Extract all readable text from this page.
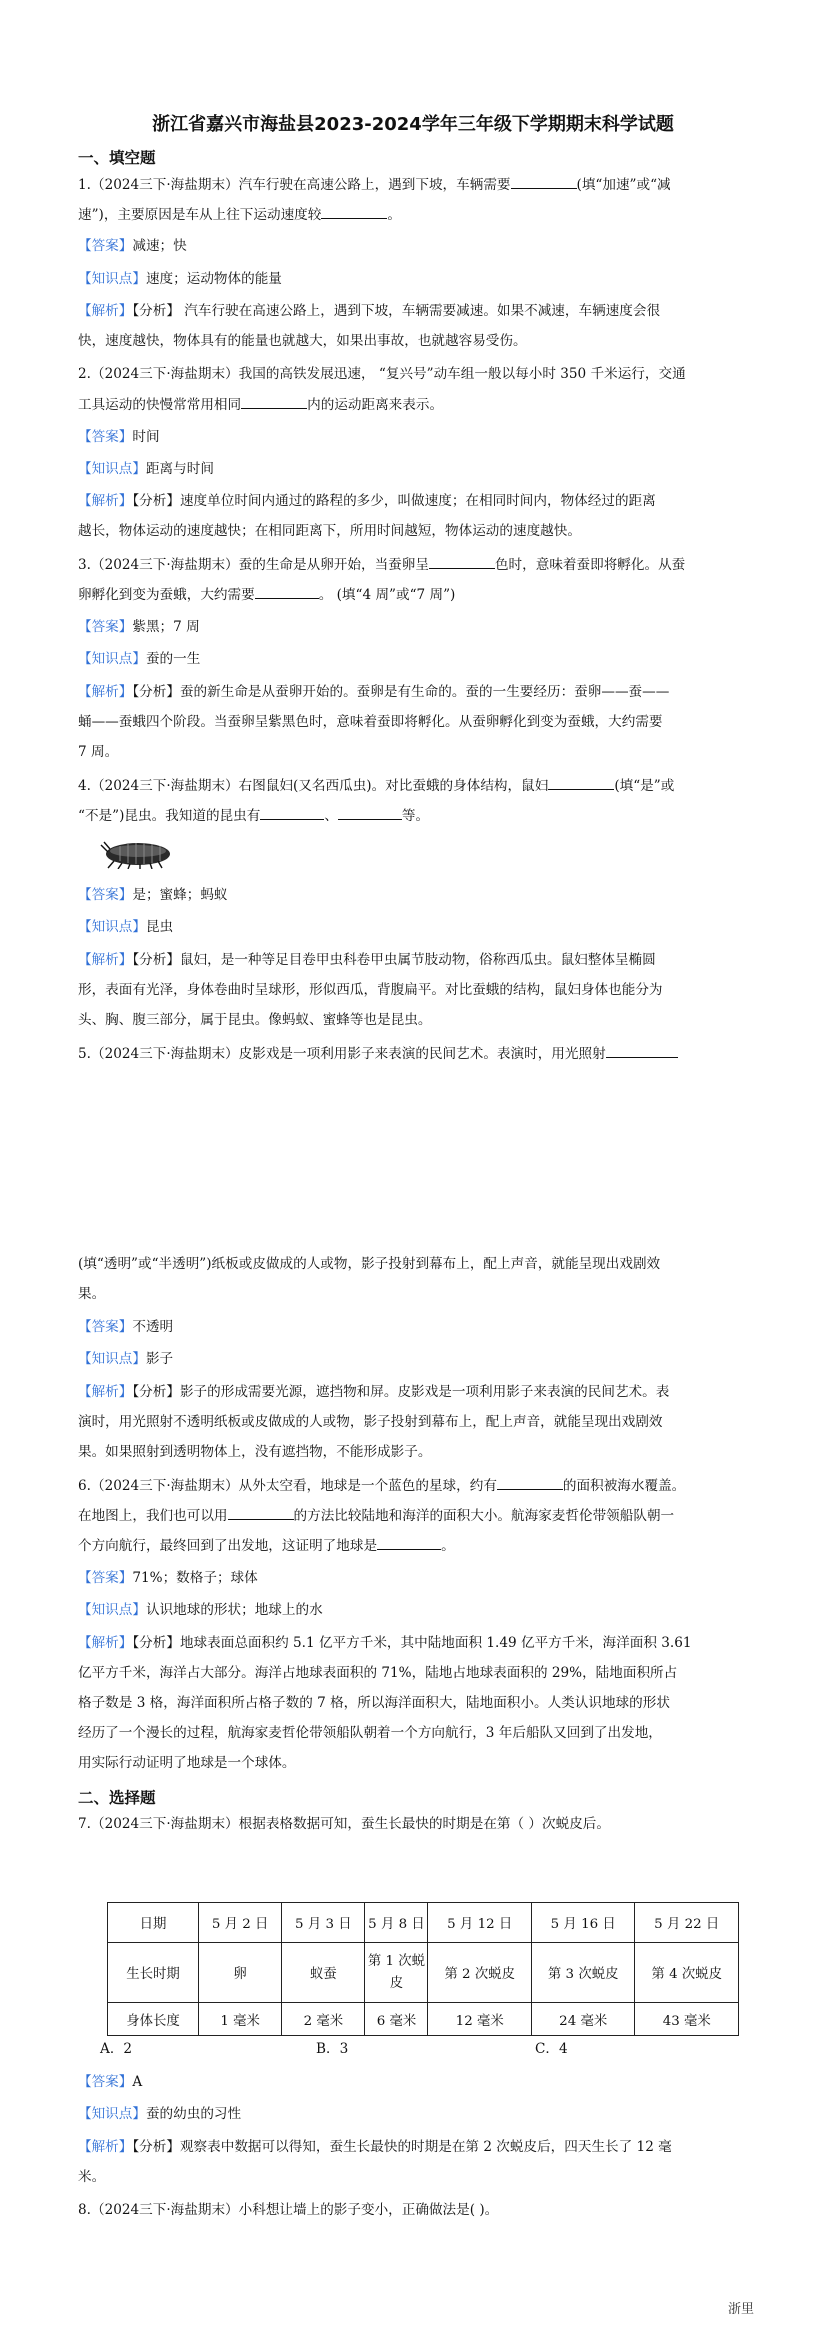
浙江省嘉兴市海盐县2023-2024学年三年级下学期期末科学试题
一、填空题
1.（2024三下·海盐期末）汽车行驶在高速公路上，遇到下坡，车辆需要	(填“加速”或“减
速”)，主要原因是车从上往下运动速度较	。
【答案】减速；快
【知识点】速度；运动物体的能量
【解析】【分析】 汽车行驶在高速公路上，遇到下坡，车辆需要减速。如果不减速，车辆速度会很
快，速度越快，物体具有的能量也就越大，如果出事故，也就越容易受伤。
2.（2024三下·海盐期末）我国的高铁发展迅速， “复兴号”动车组一般以每小时 350 千米运行，交通
工具运动的快慢常常用相同	内的运动距离来表示。
【答案】时间
【知识点】距离与时间
【解析】【分析】速度单位时间内通过的路程的多少，叫做速度；在相同时间内，物体经过的距离
越长，物体运动的速度越快；在相同距离下，所用时间越短，物体运动的速度越快。
3.（2024三下·海盐期末）蚕的生命是从卵开始，当蚕卵呈	色时，意味着蚕即将孵化。从蚕
卵孵化到变为蚕蛾，大约需要	。 (填“4 周”或“7 周”)
【答案】紫黑；7 周
【知识点】蚕的一生
【解析】【分析】蚕的新生命是从蚕卵开始的。蚕卵是有生命的。蚕的一生要经历：蚕卵——蚕——
蛹——蚕蛾四个阶段。当蚕卵呈紫黑色时，意味着蚕即将孵化。从蚕卵孵化到变为蚕蛾，大约需要
7 周。
4.（2024三下·海盐期末）右图鼠妇(又名西瓜虫)。对比蚕蛾的身体结构，鼠妇	(填“是”或
“不是”)昆虫。我知道的昆虫有	、	等。
【答案】是；蜜蜂；蚂蚁
【知识点】昆虫
【解析】【分析】鼠妇，是一种等足目卷甲虫科卷甲虫属节肢动物，俗称西瓜虫。鼠妇整体呈椭圆
形，表面有光泽，身体卷曲时呈球形，形似西瓜，背腹扁平。对比蚕蛾的结构，鼠妇身体也能分为
头、胸、腹三部分，属于昆虫。像蚂蚁、蜜蜂等也是昆虫。
5.（2024三下·海盐期末）皮影戏是一项利用影子来表演的民间艺术。表演时，用光照射
(填“透明”或“半透明”)纸板或皮做成的人或物，影子投射到幕布上，配上声音，就能呈现出戏剧效
果。
【答案】不透明
【知识点】影子
【解析】【分析】影子的形成需要光源，遮挡物和屏。皮影戏是一项利用影子来表演的民间艺术。表
演时，用光照射不透明纸板或皮做成的人或物，影子投射到幕布上，配上声音，就能呈现出戏剧效
果。如果照射到透明物体上，没有遮挡物，不能形成影子。
6.（2024三下·海盐期末）从外太空看，地球是一个蓝色的星球，约有	的面积被海水覆盖。
在地图上，我们也可以用	的方法比较陆地和海洋的面积大小。航海家麦哲伦带领船队朝一
个方向航行，最终回到了出发地，这证明了地球是	。
【答案】71%；数格子；球体
【知识点】认识地球的形状；地球上的水
【解析】【分析】地球表面总面积约 5.1 亿平方千米，其中陆地面积 1.49 亿平方千米，海洋面积 3.61
亿平方千米，海洋占大部分。海洋占地球表面积的 71%，陆地占地球表面积的 29%，陆地面积所占
格子数是 3 格，海洋面积所占格子数的 7 格，所以海洋面积大，陆地面积小。人类认识地球的形状
经历了一个漫长的过程，航海家麦哲伦带领船队朝着一个方向航行，3 年后船队又回到了出发地，
用实际行动证明了地球是一个球体。
二、选择题
7.（2024三下·海盐期末）根据表格数据可知，蚕生长最快的时期是在第（ ）次蜕皮后。
日期	5 月 2 日	5 月 3 日	5 月 8 日	5 月 12 日	5 月 16 日	5 月 22 日
生长时期	卵	蚁蚕	第 1 次蜕皮	第 2 次蜕皮	第 3 次蜕皮	第 4 次蜕皮
身体长度	1 毫米	2 毫米	6 毫米	12 毫米	24 毫米	43 毫米
A．2	B．3	C．4
【答案】A
【知识点】蚕的幼虫的习性
【解析】【分析】观察表中数据可以得知，蚕生长最快的时期是在第 2 次蜕皮后，四天生长了 12 毫
米。
8.（2024三下·海盐期末）小科想让墙上的影子变小，正确做法是( )。
浙里
